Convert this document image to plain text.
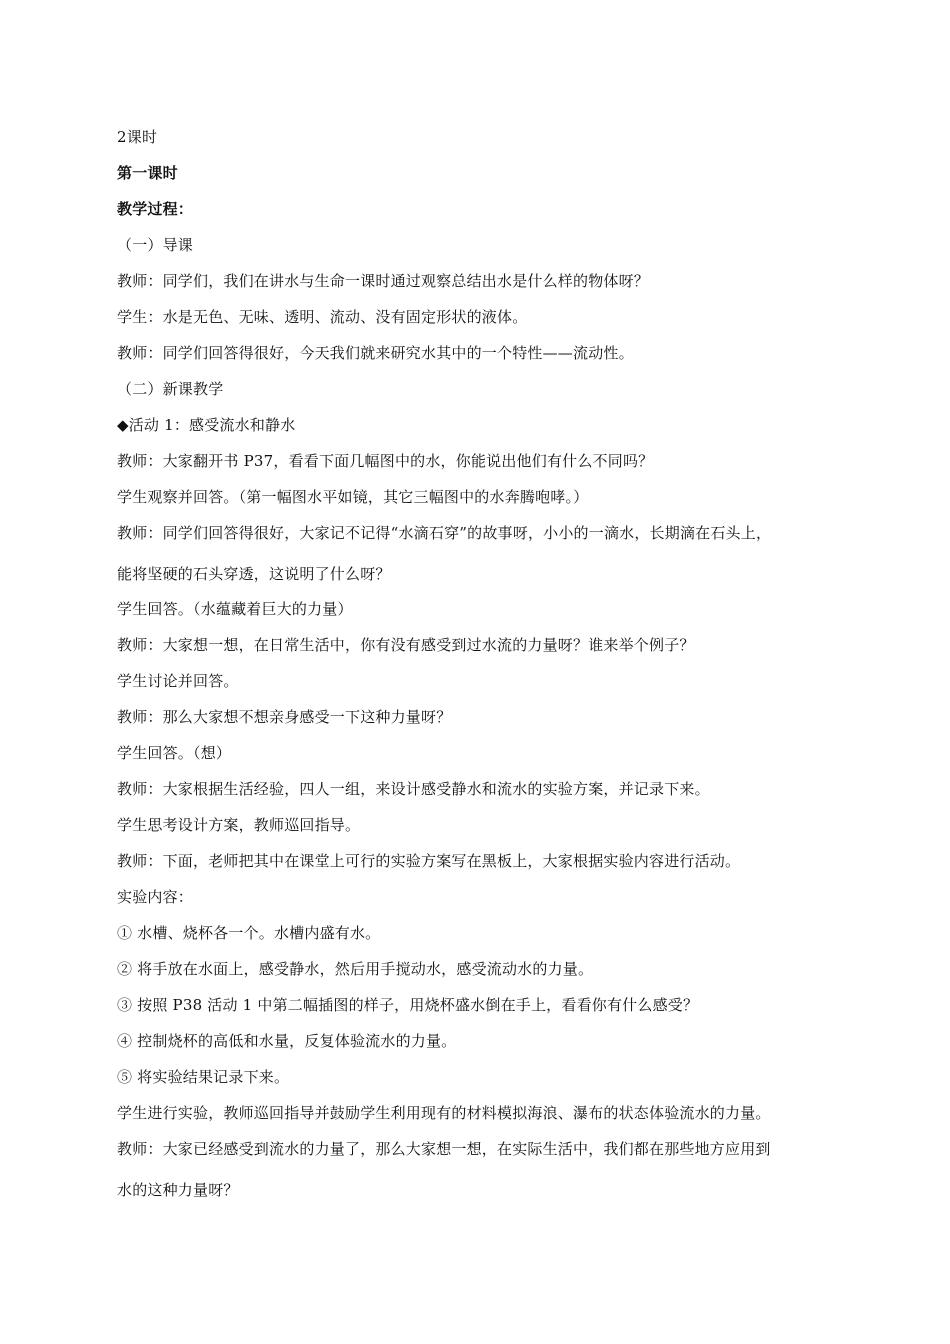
2课时
第一课时
教学过程：
（一）导课
教师：同学们，我们在讲水与生命一课时通过观察总结出水是什么样的物体呀？
学生：水是无色、无味、透明、流动、没有固定形状的液体。
教师：同学们回答得很好，今天我们就来研究水其中的一个特性——流动性。
（二）新课教学
◆活动 1：感受流水和静水
教师：大家翻开书 P37，看看下面几幅图中的水，你能说出他们有什么不同吗？
学生观察并回答。（第一幅图水平如镜，其它三幅图中的水奔腾咆哮。）
教师：同学们回答得很好，大家记不记得“水滴石穿”的故事呀，小小的一滴水，长期滴在石头上，
能将坚硬的石头穿透，这说明了什么呀？
学生回答。（水蕴藏着巨大的力量）
教师：大家想一想，在日常生活中，你有没有感受到过水流的力量呀？谁来举个例子？
学生讨论并回答。
教师：那么大家想不想亲身感受一下这种力量呀？
学生回答。（想）
教师：大家根据生活经验，四人一组，来设计感受静水和流水的实验方案，并记录下来。
学生思考设计方案，教师巡回指导。
教师：下面，老师把其中在课堂上可行的实验方案写在黑板上，大家根据实验内容进行活动。
实验内容：
① 水槽、烧杯各一个。水槽内盛有水。
② 将手放在水面上，感受静水，然后用手搅动水，感受流动水的力量。
③ 按照 P38 活动 1 中第二幅插图的样子，用烧杯盛水倒在手上，看看你有什么感受？
④ 控制烧杯的高低和水量，反复体验流水的力量。
⑤ 将实验结果记录下来。
学生进行实验，教师巡回指导并鼓励学生利用现有的材料模拟海浪、瀑布的状态体验流水的力量。
教师：大家已经感受到流水的力量了，那么大家想一想，在实际生活中，我们都在那些地方应用到
水的这种力量呀？
